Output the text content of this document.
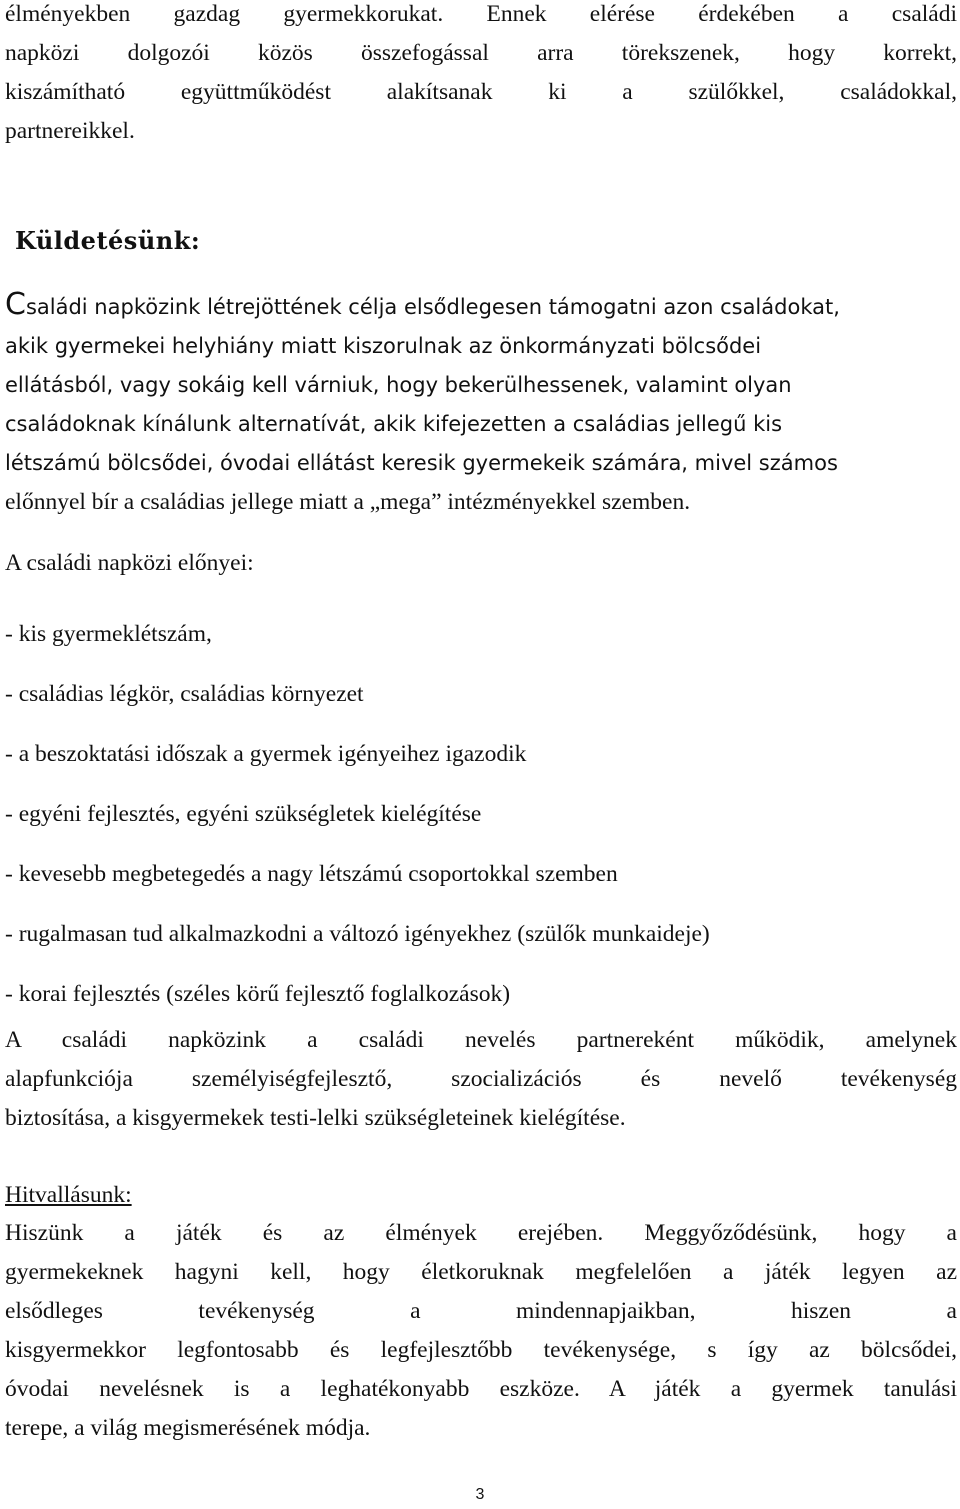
élményekben gazdag gyermekkorukat. Ennek elérése érdekében a családi
napközi dolgozói közös összefogással arra törekszenek, hogy korrekt,
kiszámítható együttműködést alakítsanak ki a szülőkkel, családokkal,
partnereikkel.
Küldetésünk:
Családi napközink létrejöttének célja elsődlegesen támogatni azon családokat,
akik gyermekei helyhiány miatt kiszorulnak az önkormányzati bölcsődei
ellátásból, vagy sokáig kell várniuk, hogy bekerülhessenek, valamint olyan
családoknak kínálunk alternatívát, akik kifejezetten a családias jellegű kis
létszámú bölcsődei, óvodai ellátást keresik gyermekeik számára, mivel számos
előnnyel bír a családias jellege miatt a „mega” intézményekkel szemben.
A családi napközi előnyei:
- kis gyermeklétszám,
- családias légkör, családias környezet
- a beszoktatási időszak a gyermek igényeihez igazodik
- egyéni fejlesztés, egyéni szükségletek kielégítése
- kevesebb megbetegedés a nagy létszámú csoportokkal szemben
- rugalmasan tud alkalmazkodni a változó igényekhez (szülők munkaideje)
- korai fejlesztés (széles körű fejlesztő foglalkozások)
A családi napközink a családi nevelés partnereként működik, amelynek
alapfunkciója személyiségfejlesztő, szocializációs és nevelő tevékenység
biztosítása, a kisgyermekek testi-lelki szükségleteinek kielégítése.
Hitvallásunk:
Hiszünk a játék és az élmények erejében. Meggyőződésünk, hogy a
gyermekeknek hagyni kell, hogy életkoruknak megfelelően a játék legyen az
elsődleges tevékenység a mindennapjaikban, hiszen a
kisgyermekkor legfontosabb és legfejlesztőbb tevékenysége, s így az bölcsődei,
óvodai nevelésnek is a leghatékonyabb eszköze. A játék a gyermek tanulási
terepe, a világ megismerésének módja.
3
